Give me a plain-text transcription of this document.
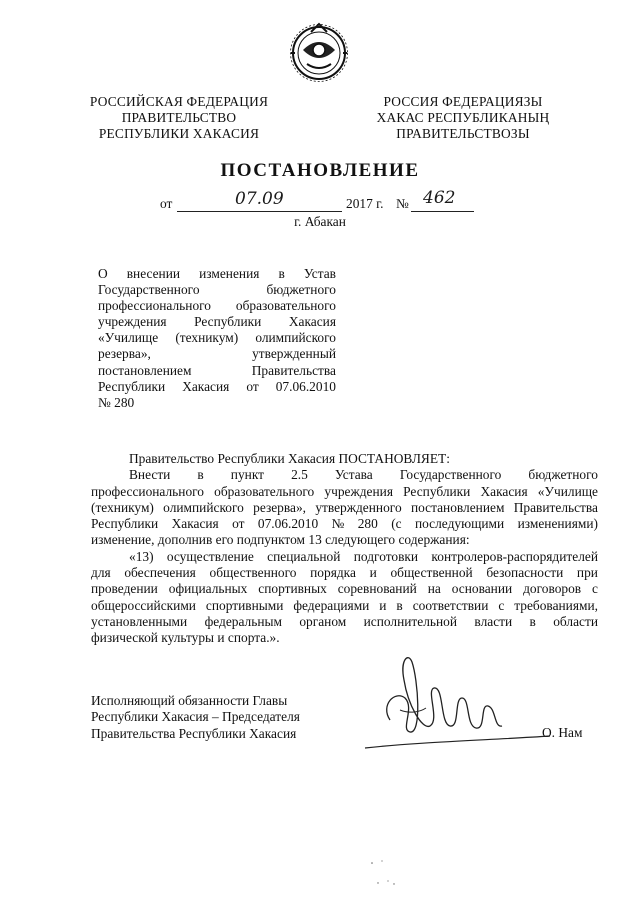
РОССИЙСКАЯ ФЕДЕРАЦИЯ
ПРАВИТЕЛЬСТВО
РЕСПУБЛИКИ ХАКАСИЯ
РОССИЯ ФЕДЕРАЦИЯЗЫ
ХАКАС РЕСПУБЛИКАНЫҢ
ПРАВИТЕЛЬСТВОЗЫ
ПОСТАНОВЛЕНИЕ
от	07.09	2017 г. № 462
г. Абакан
О внесении изменения в Устав
Государственного	бюджетного
профессионального образовательного
учреждения Республики Хакасия
«Училище (техникум) олимпийского
резерва»,	утвержденный
постановлением	Правительства
Республики Хакасия от 07.06.2010
№ 280
Правительство Республики Хакасия ПОСТАНОВЛЯЕТ:
Внести в пункт 2.5 Устава Государственного бюджетного
профессионального образовательного учреждения Республики Хакасия «Училище
(техникум) олимпийского резерва», утвержденного постановлением Правительства
Республики Хакасия от 07.06.2010 № 280 (с последующими изменениями)
изменение, дополнив его подпунктом 13 следующего содержания:
«13) осуществление специальной подготовки контролеров-распорядителей
для обеспечения общественного порядка и общественной безопасности при
проведении официальных спортивных соревнований на основании договоров с
общероссийскими спортивными федерациями и в соответствии с требованиями,
установленными федеральным органом исполнительной власти в области
физической культуры и спорта.».
Исполняющий обязанности Главы
Республики Хакасия – Председателя
Правительства Республики Хакасия	О. Нам
